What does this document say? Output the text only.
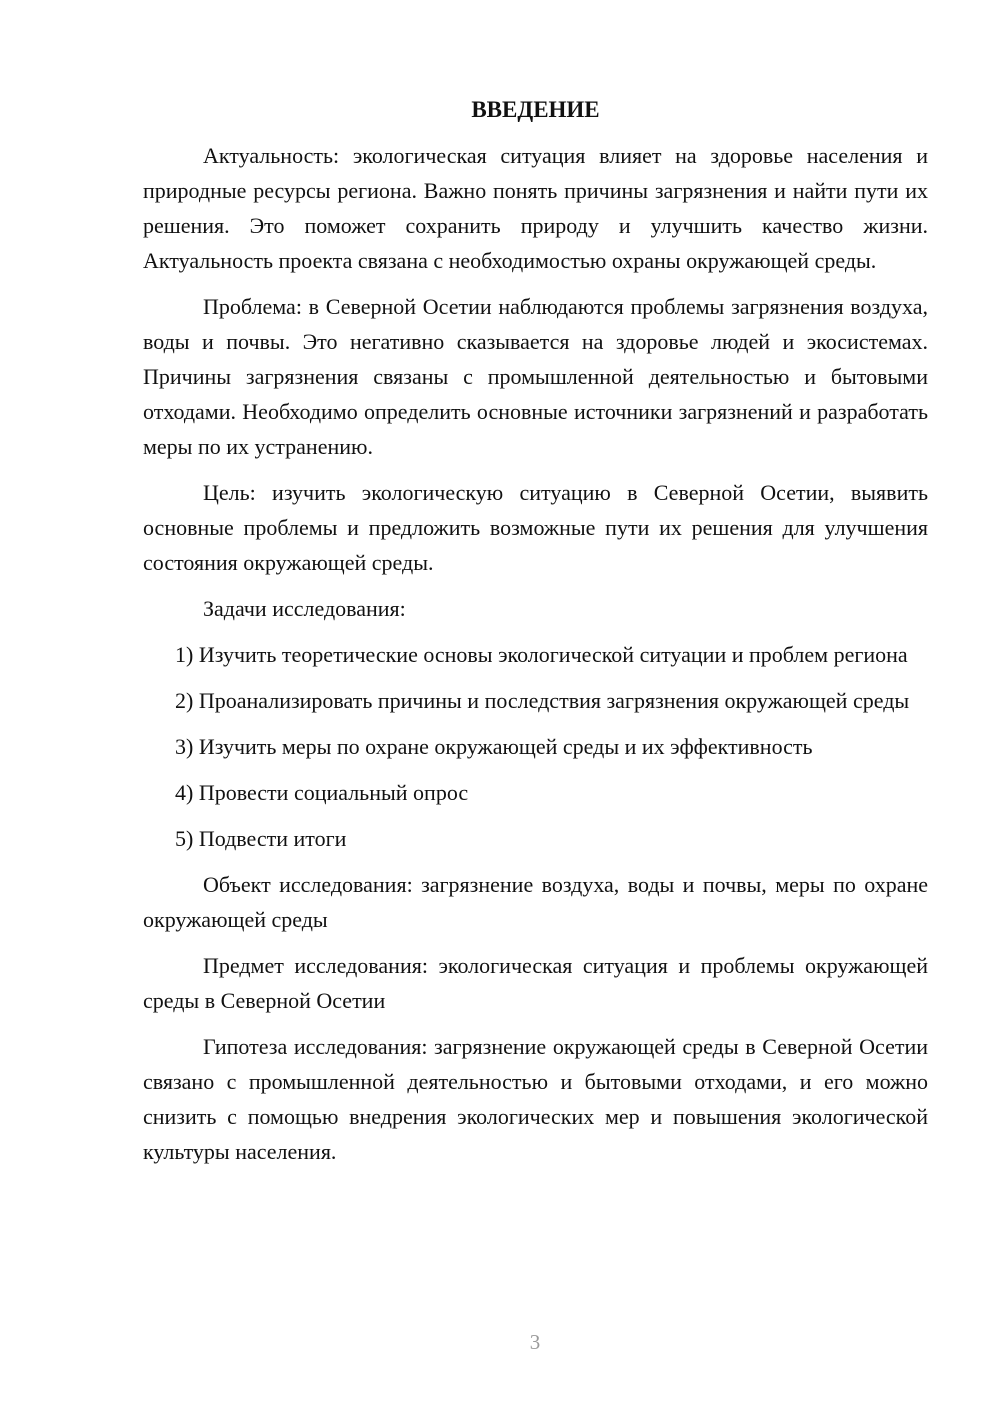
ВВЕДЕНИЕ

Актуальность: экологическая ситуация влияет на здоровье населения и природные ресурсы региона. Важно понять причины загрязнения и найти пути их решения. Это поможет сохранить природу и улучшить качество жизни. Актуальность проекта связана с необходимостью охраны окружающей среды.

Проблема: в Северной Осетии наблюдаются проблемы загрязнения воздуха, воды и почвы. Это негативно сказывается на здоровье людей и экосистемах. Причины загрязнения связаны с промышленной деятельностью и бытовыми отходами. Необходимо определить основные источники загрязнений и разработать меры по их устранению.

Цель: изучить экологическую ситуацию в Северной Осетии, выявить основные проблемы и предложить возможные пути их решения для улучшения состояния окружающей среды.

Задачи исследования:

1) Изучить теоретические основы экологической ситуации и проблем региона

2) Проанализировать причины и последствия загрязнения окружающей среды

3) Изучить меры по охране окружающей среды и их эффективность

4) Провести социальный опрос

5) Подвести итоги

Объект исследования: загрязнение воздуха, воды и почвы, меры по охране окружающей среды

Предмет исследования: экологическая ситуация и проблемы окружающей среды в Северной Осетии

Гипотеза исследования: загрязнение окружающей среды в Северной Осетии связано с промышленной деятельностью и бытовыми отходами, и его можно снизить с помощью внедрения экологических мер и повышения экологической культуры населения.

3
